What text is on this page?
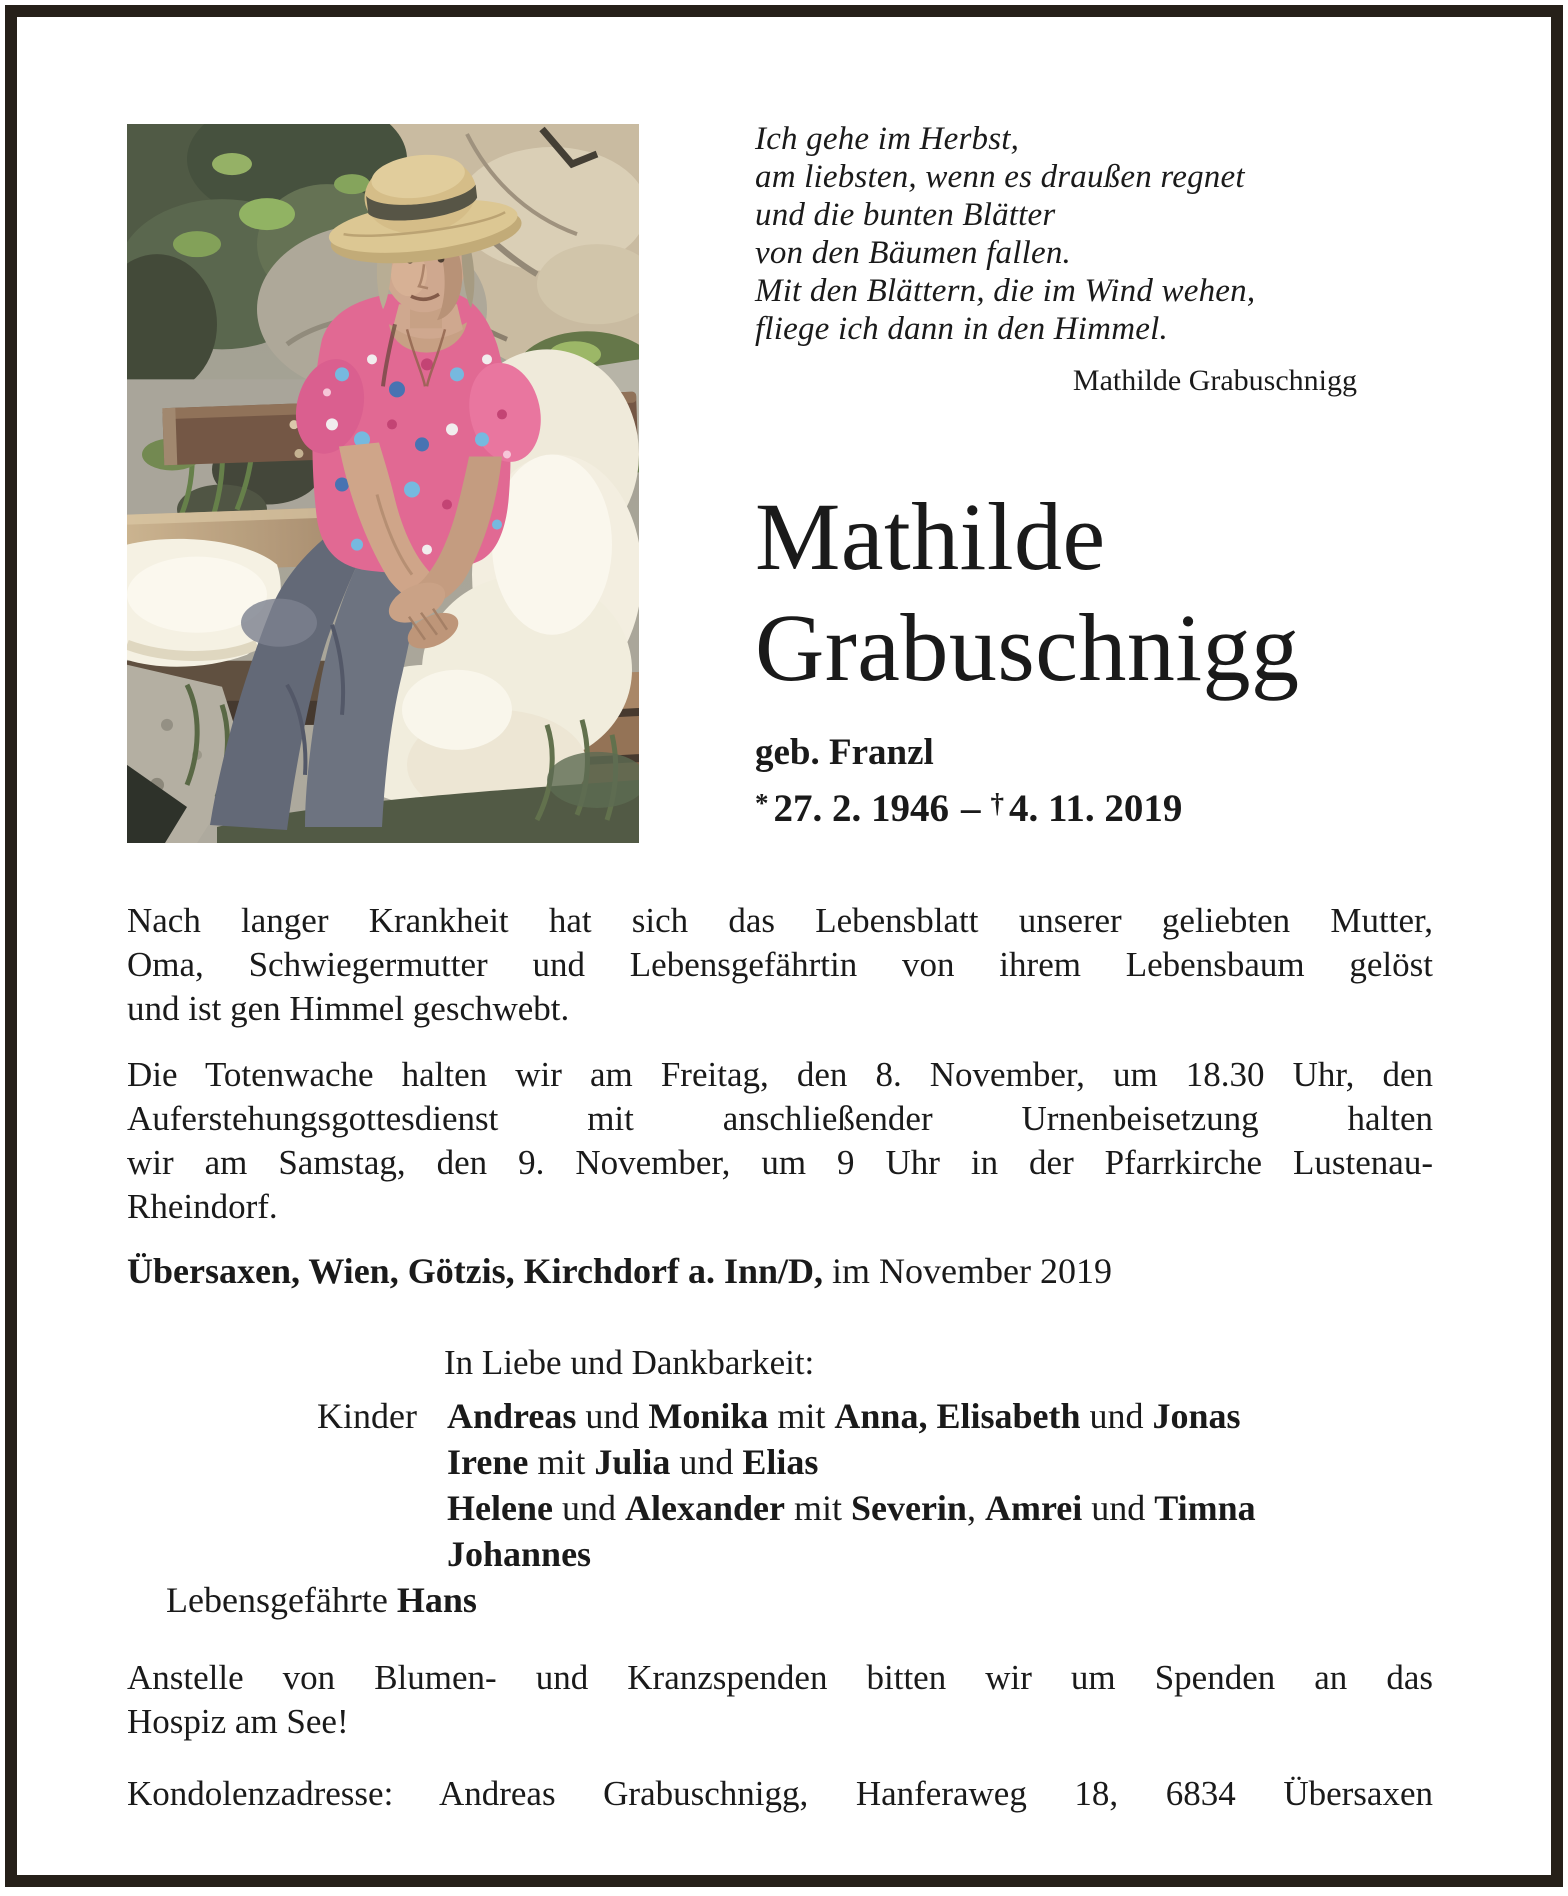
Ich gehe im Herbst,
am liebsten, wenn es draußen regnet
und die bunten Blätter
von den Bäumen fallen.
Mit den Blättern, die im Wind wehen,
fliege ich dann in den Himmel.
Mathilde Grabuschnigg
Mathilde
Grabuschnigg
geb. Franzl
* 27. 2. 1946 – † 4. 11. 2019
Nach langer Krankheit hat sich das Lebensblatt unserer geliebten Mutter,
Oma, Schwiegermutter und Lebensgefährtin von ihrem Lebensbaum gelöst
und ist gen Himmel geschwebt.
Die Totenwache halten wir am Freitag, den 8. November, um 18.30 Uhr, den
Auferstehungsgottesdienst mit anschließender Urnenbeisetzung halten
wir am Samstag, den 9. November, um 9 Uhr in der Pfarrkirche Lustenau-
Rheindorf.
Übersaxen, Wien, Götzis, Kirchdorf a. Inn/D, im November 2019
In Liebe und Dankbarkeit:
Kinder Andreas und Monika mit Anna, Elisabeth und Jonas
Irene mit Julia und Elias
Helene und Alexander mit Severin, Amrei und Timna
Johannes
Lebensgefährte Hans
Anstelle von Blumen- und Kranzspenden bitten wir um Spenden an das
Hospiz am See!
Kondolenzadresse: Andreas Grabuschnigg, Hanferaweg 18, 6834 Übersaxen
